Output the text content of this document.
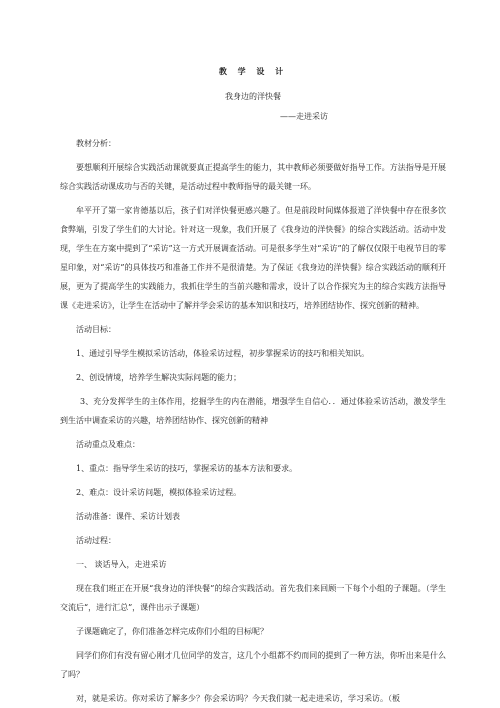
教 学 设 计
我身边的洋快餐
——走进采访

教材分析：

要想顺利开展综合实践活动课就要真正提高学生的能力，其中教师必须要做好指导工作。方法指导是开展综合实践活动课成功与否的关键，是活动过程中教师指导的最关键一环。

牟平开了第一家肯德基以后，孩子们对洋快餐更感兴趣了。但是前段时间媒体报道了洋快餐中存在很多饮食弊端，引发了学生们的大讨论。针对这一现象，我们开展了《我身边的洋快餐》的综合实践活动。活动中发现，学生在方案中提到了“采访”这一方式开展调查活动。可是很多学生对“采访”的了解仅仅限于电视节目的零星印象，对“采访”的具体技巧和准备工作并不是很清楚。为了保证《我身边的洋快餐》综合实践活动的顺利开展，更为了提高学生的实践能力，我抓住学生的当前兴趣和需求，设计了以合作探究为主的综合实践方法指导课《走进采访》，让学生在活动中了解并学会采访的基本知识和技巧，培养团结协作、探究创新的精神。

活动目标：

1、通过引导学生模拟采访活动，体验采访过程，初步掌握采访的技巧和相关知识。

2、创设情境，培养学生解决实际问题的能力；

3、充分发挥学生的主体作用，挖掘学生的内在潜能，增强学生自信心．．通过体验采访活动，激发学生到生活中调查采访的兴趣，培养团结协作、探究创新的精神

活动重点及难点：

1、重点：指导学生采访的技巧，掌握采访的基本方法和要求。

2、难点：设计采访问题，模拟体验采访过程。

活动准备：课件、采访计划表

活动过程：

一、 谈话导入，走进采访

现在我们班正在开展“我身边的洋快餐”的综合实践活动。首先我们来回顾一下每个小组的子课题。（学生交流后“，进行汇总”，课件出示子课题）

子课题确定了，你们准备怎样完成你们小组的目标呢？

同学们你们有没有留心刚才几位同学的发言，这几个小组都不约而同的提到了一种方法，你听出来是什么了吗？

对，就是采访。你对采访了解多少？你会采访吗？今天我们就一起走进采访，学习采访。（板
